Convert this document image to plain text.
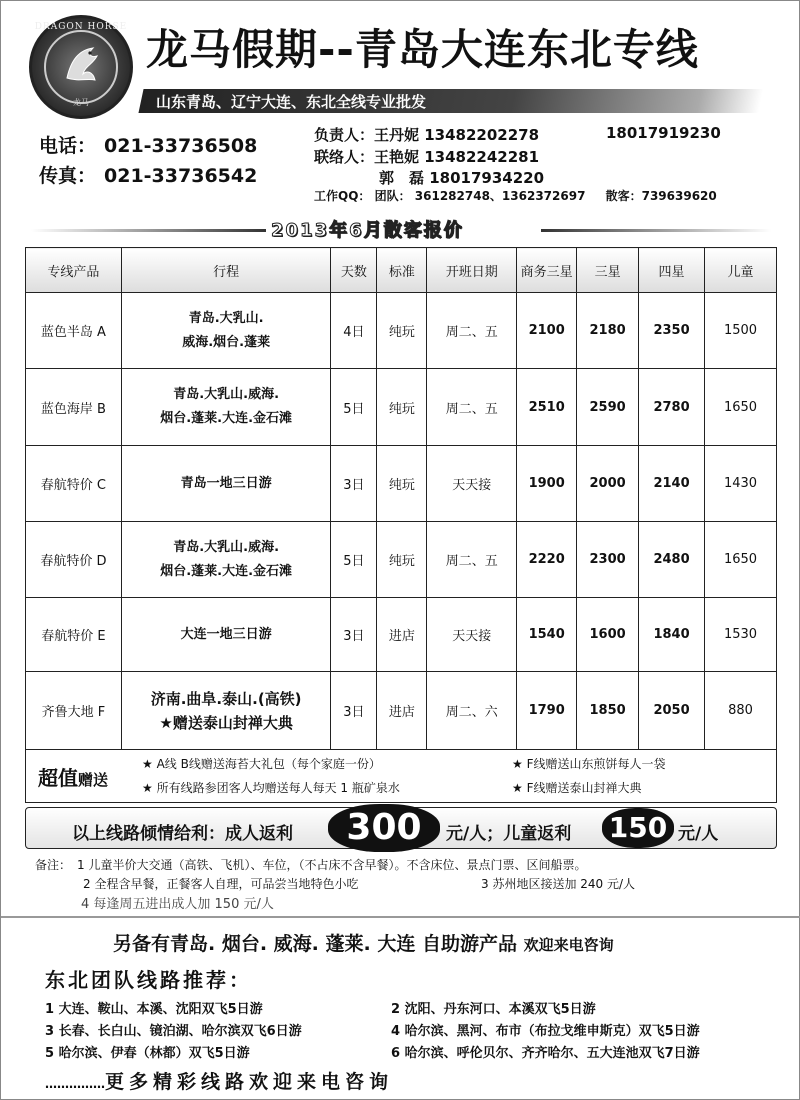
DRAGON HORSE
龙马
龙马假期--青岛大连东北专线
山东青岛、辽宁大连、东北全线专业批发
电话： 021-33736508
传真： 021-33736542
负责人：王丹妮 13482202278	18017919230
联络人：王艳妮 13482242281
郭　磊 18017934220
工作QQ： 团队： 361282748、1362372697 散客：739639620
2013年6月散客报价
专线产品	行程	天数	标准	开班日期	商务三星	三星	四星	儿童
蓝色半岛 A	青岛.大乳山.
威海.烟台.蓬莱	4日	纯玩	周二、五	2100	2180	2350	1500
蓝色海岸 B	青岛.大乳山.威海.
烟台.蓬莱.大连.金石滩	5日	纯玩	周二、五	2510	2590	2780	1650
春航特价 C	青岛一地三日游	3日	纯玩	天天接	1900	2000	2140	1430
春航特价 D	青岛.大乳山.威海.
烟台.蓬莱.大连.金石滩	5日	纯玩	周二、五	2220	2300	2480	1650
春航特价 E	大连一地三日游	3日	进店	天天接	1540	1600	1840	1530
齐鲁大地 F	济南.曲阜.泰山.(高铁)
★赠送泰山封禅大典	3日	进店	周二、六	1790	1850	2050	880
超值赠送
★ A线 B线赠送海苔大礼包（每个家庭一份）	★ F线赠送山东煎饼每人一袋
★ 所有线路参团客人均赠送每人每天 1 瓶矿泉水	★ F线赠送泰山封禅大典
以上线路倾情给利：成人返利	300	元/人；儿童返利 150 元/人
备注：　1 儿童半价大交通（高铁、飞机）、车位，（不占床不含早餐）。不含床位、景点门票、区间船票。
2 全程含早餐，正餐客人自理，可品尝当地特色小吃	3 苏州地区接送加 240 元/人
4 每逢周五进出成人加 150 元/人
另备有青岛. 烟台. 威海. 蓬莱. 大连 自助游产品 欢迎来电咨询
东北团队线路推荐：
1 大连、鞍山、本溪、沈阳双飞5日游	2 沈阳、丹东河口、本溪双飞5日游
3 长春、长白山、镜泊湖、哈尔滨双飞6日游	4 哈尔滨、黑河、布市（布拉戈维申斯克）双飞5日游
5 哈尔滨、伊春（林都）双飞5日游	6 哈尔滨、呼伦贝尔、齐齐哈尔、五大连池双飞7日游
……………更多精彩线路欢迎来电咨询
